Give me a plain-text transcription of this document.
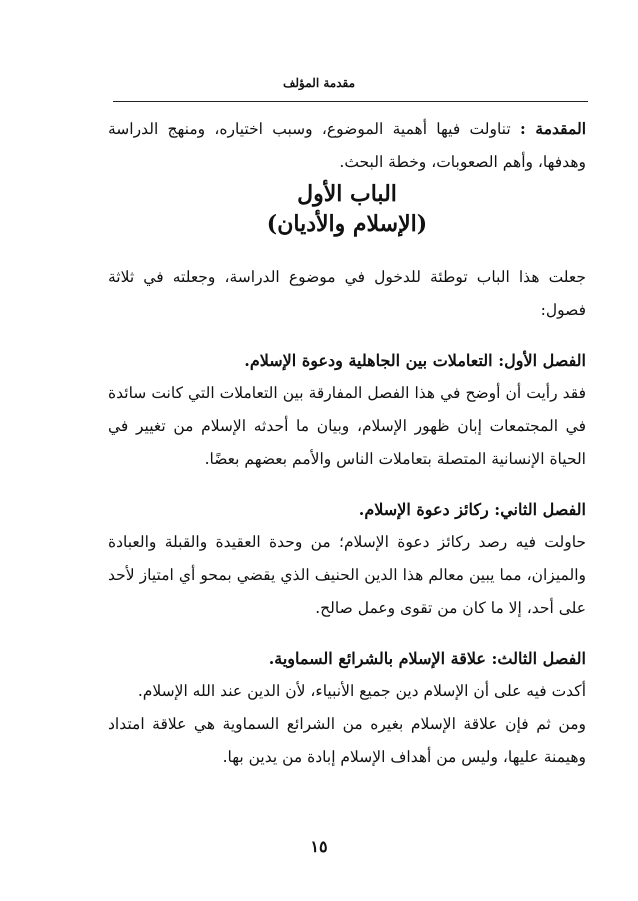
مقدمة المؤلف

المقدمة : تناولت فيها أهمية الموضوع، وسبب اختياره، ومنهج الدراسة وهدفها، وأهم الصعوبات، وخطة البحث.

الباب الأول

(الإسلام والأديان)

جعلت هذا الباب توطئة للدخول في موضوع الدراسة، وجعلته في ثلاثة فصول:

الفصل الأول: التعاملات بين الجاهلية ودعوة الإسلام.

فقد رأيت أن أوضح في هذا الفصل المفارقة بين التعاملات التي كانت سائدة في المجتمعات إبان ظهور الإسلام، وبيان ما أحدثه الإسلام من تغيير في الحياة الإنسانية المتصلة بتعاملات الناس والأمم بعضهم بعضًا.

الفصل الثاني: ركائز دعوة الإسلام.

حاولت فيه رصد ركائز دعوة الإسلام؛ من وحدة العقيدة والقبلة والعبادة والميزان، مما يبين معالم هذا الدين الحنيف الذي يقضي بمحو أي امتياز لأحد على أحد، إلا ما كان من تقوى وعمل صالح.

الفصل الثالث: علاقة الإسلام بالشرائع السماوية.

أكدت فيه على أن الإسلام دين جميع الأنبياء، لأن الدين عند الله الإسلام.

ومن ثم فإن علاقة الإسلام بغيره من الشرائع السماوية هي علاقة امتداد وهيمنة عليها، وليس من أهداف الإسلام إبادة من يدين بها.

١٥
